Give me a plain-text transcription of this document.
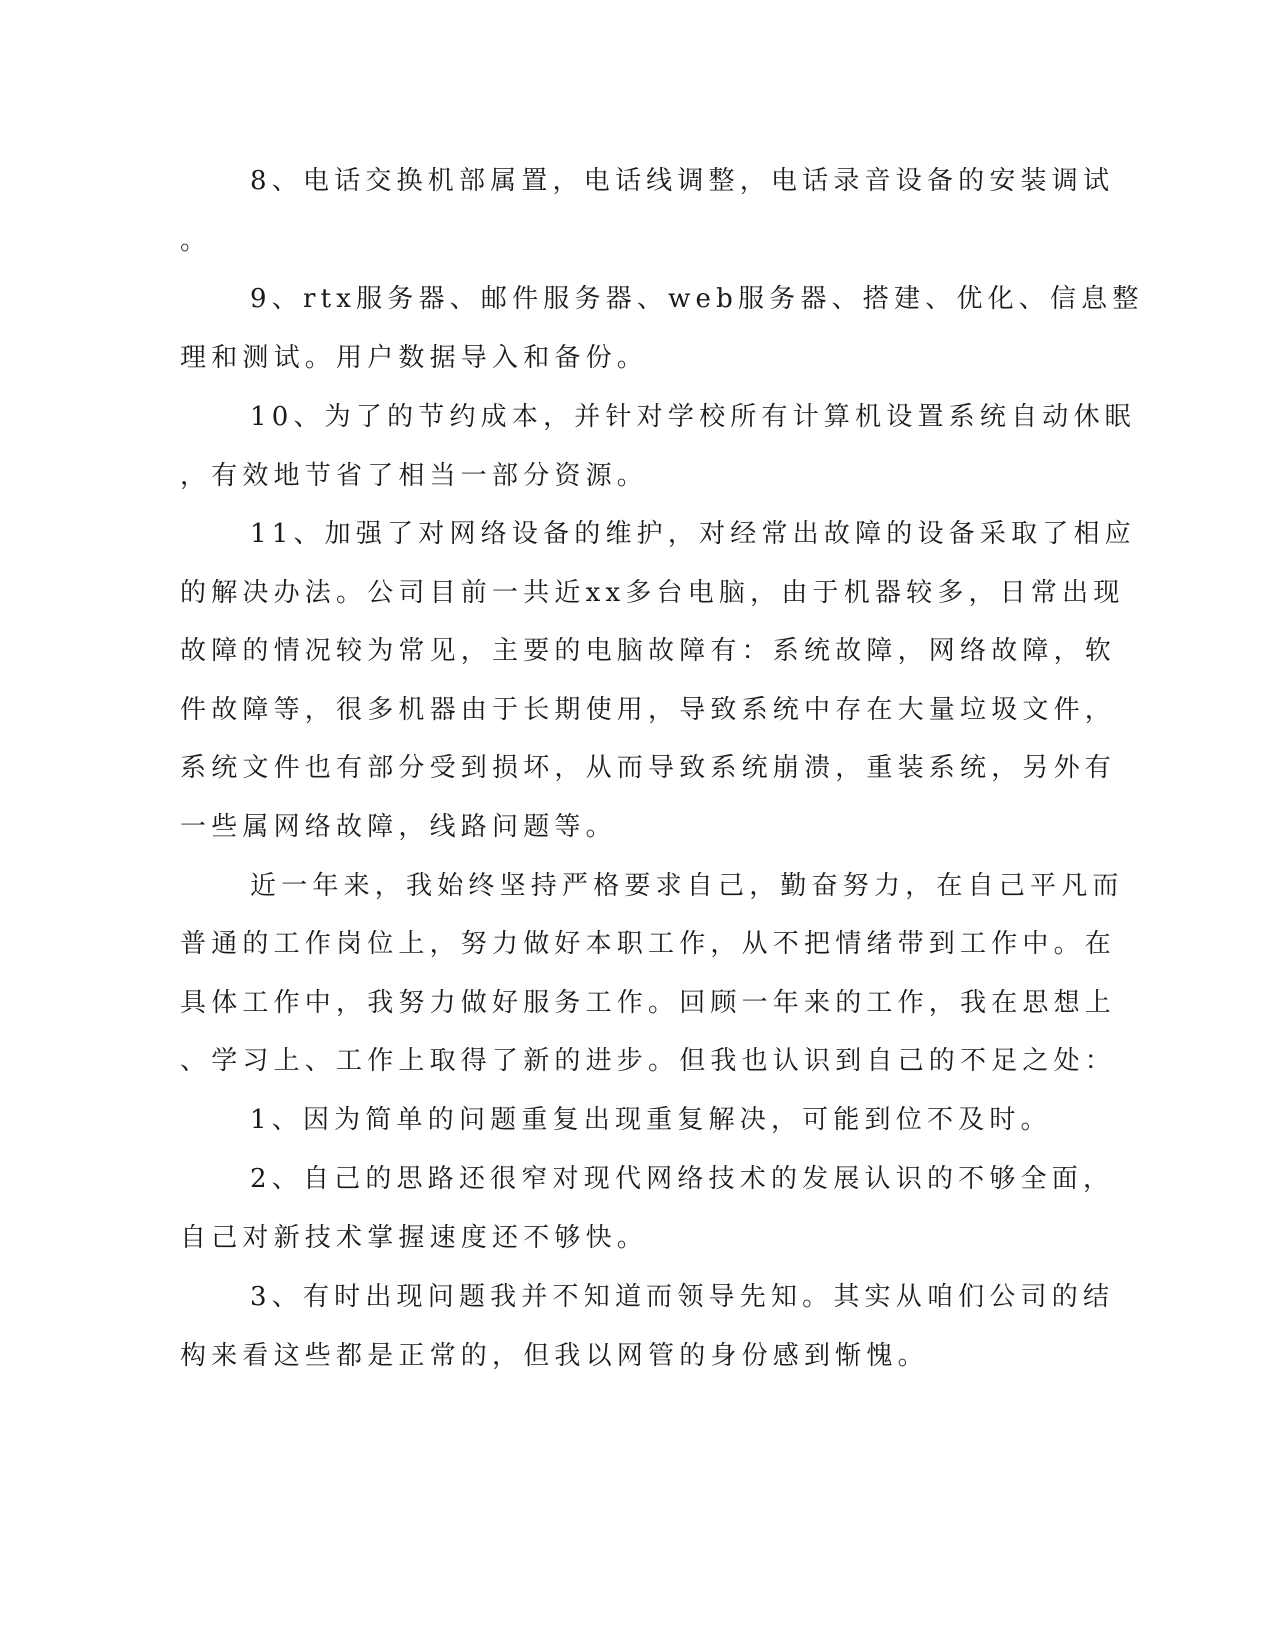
8、电话交换机部属置，电话线调整，电话录音设备的安装调试
。
9、rtx服务器、邮件服务器、web服务器、搭建、优化、信息整
理和测试。用户数据导入和备份。
10、为了的节约成本，并针对学校所有计算机设置系统自动休眠
，有效地节省了相当一部分资源。
11、加强了对网络设备的维护，对经常出故障的设备采取了相应
的解决办法。公司目前一共近xx多台电脑，由于机器较多，日常出现
故障的情况较为常见，主要的电脑故障有：系统故障，网络故障，软
件故障等，很多机器由于长期使用，导致系统中存在大量垃圾文件，
系统文件也有部分受到损坏，从而导致系统崩溃，重装系统，另外有
一些属网络故障，线路问题等。
近一年来，我始终坚持严格要求自己，勤奋努力，在自己平凡而
普通的工作岗位上，努力做好本职工作，从不把情绪带到工作中。在
具体工作中，我努力做好服务工作。回顾一年来的工作，我在思想上
、学习上、工作上取得了新的进步。但我也认识到自己的不足之处：
1、因为简单的问题重复出现重复解决，可能到位不及时。
2、自己的思路还很窄对现代网络技术的发展认识的不够全面，
自己对新技术掌握速度还不够快。
3、有时出现问题我并不知道而领导先知。其实从咱们公司的结
构来看这些都是正常的，但我以网管的身份感到惭愧。
